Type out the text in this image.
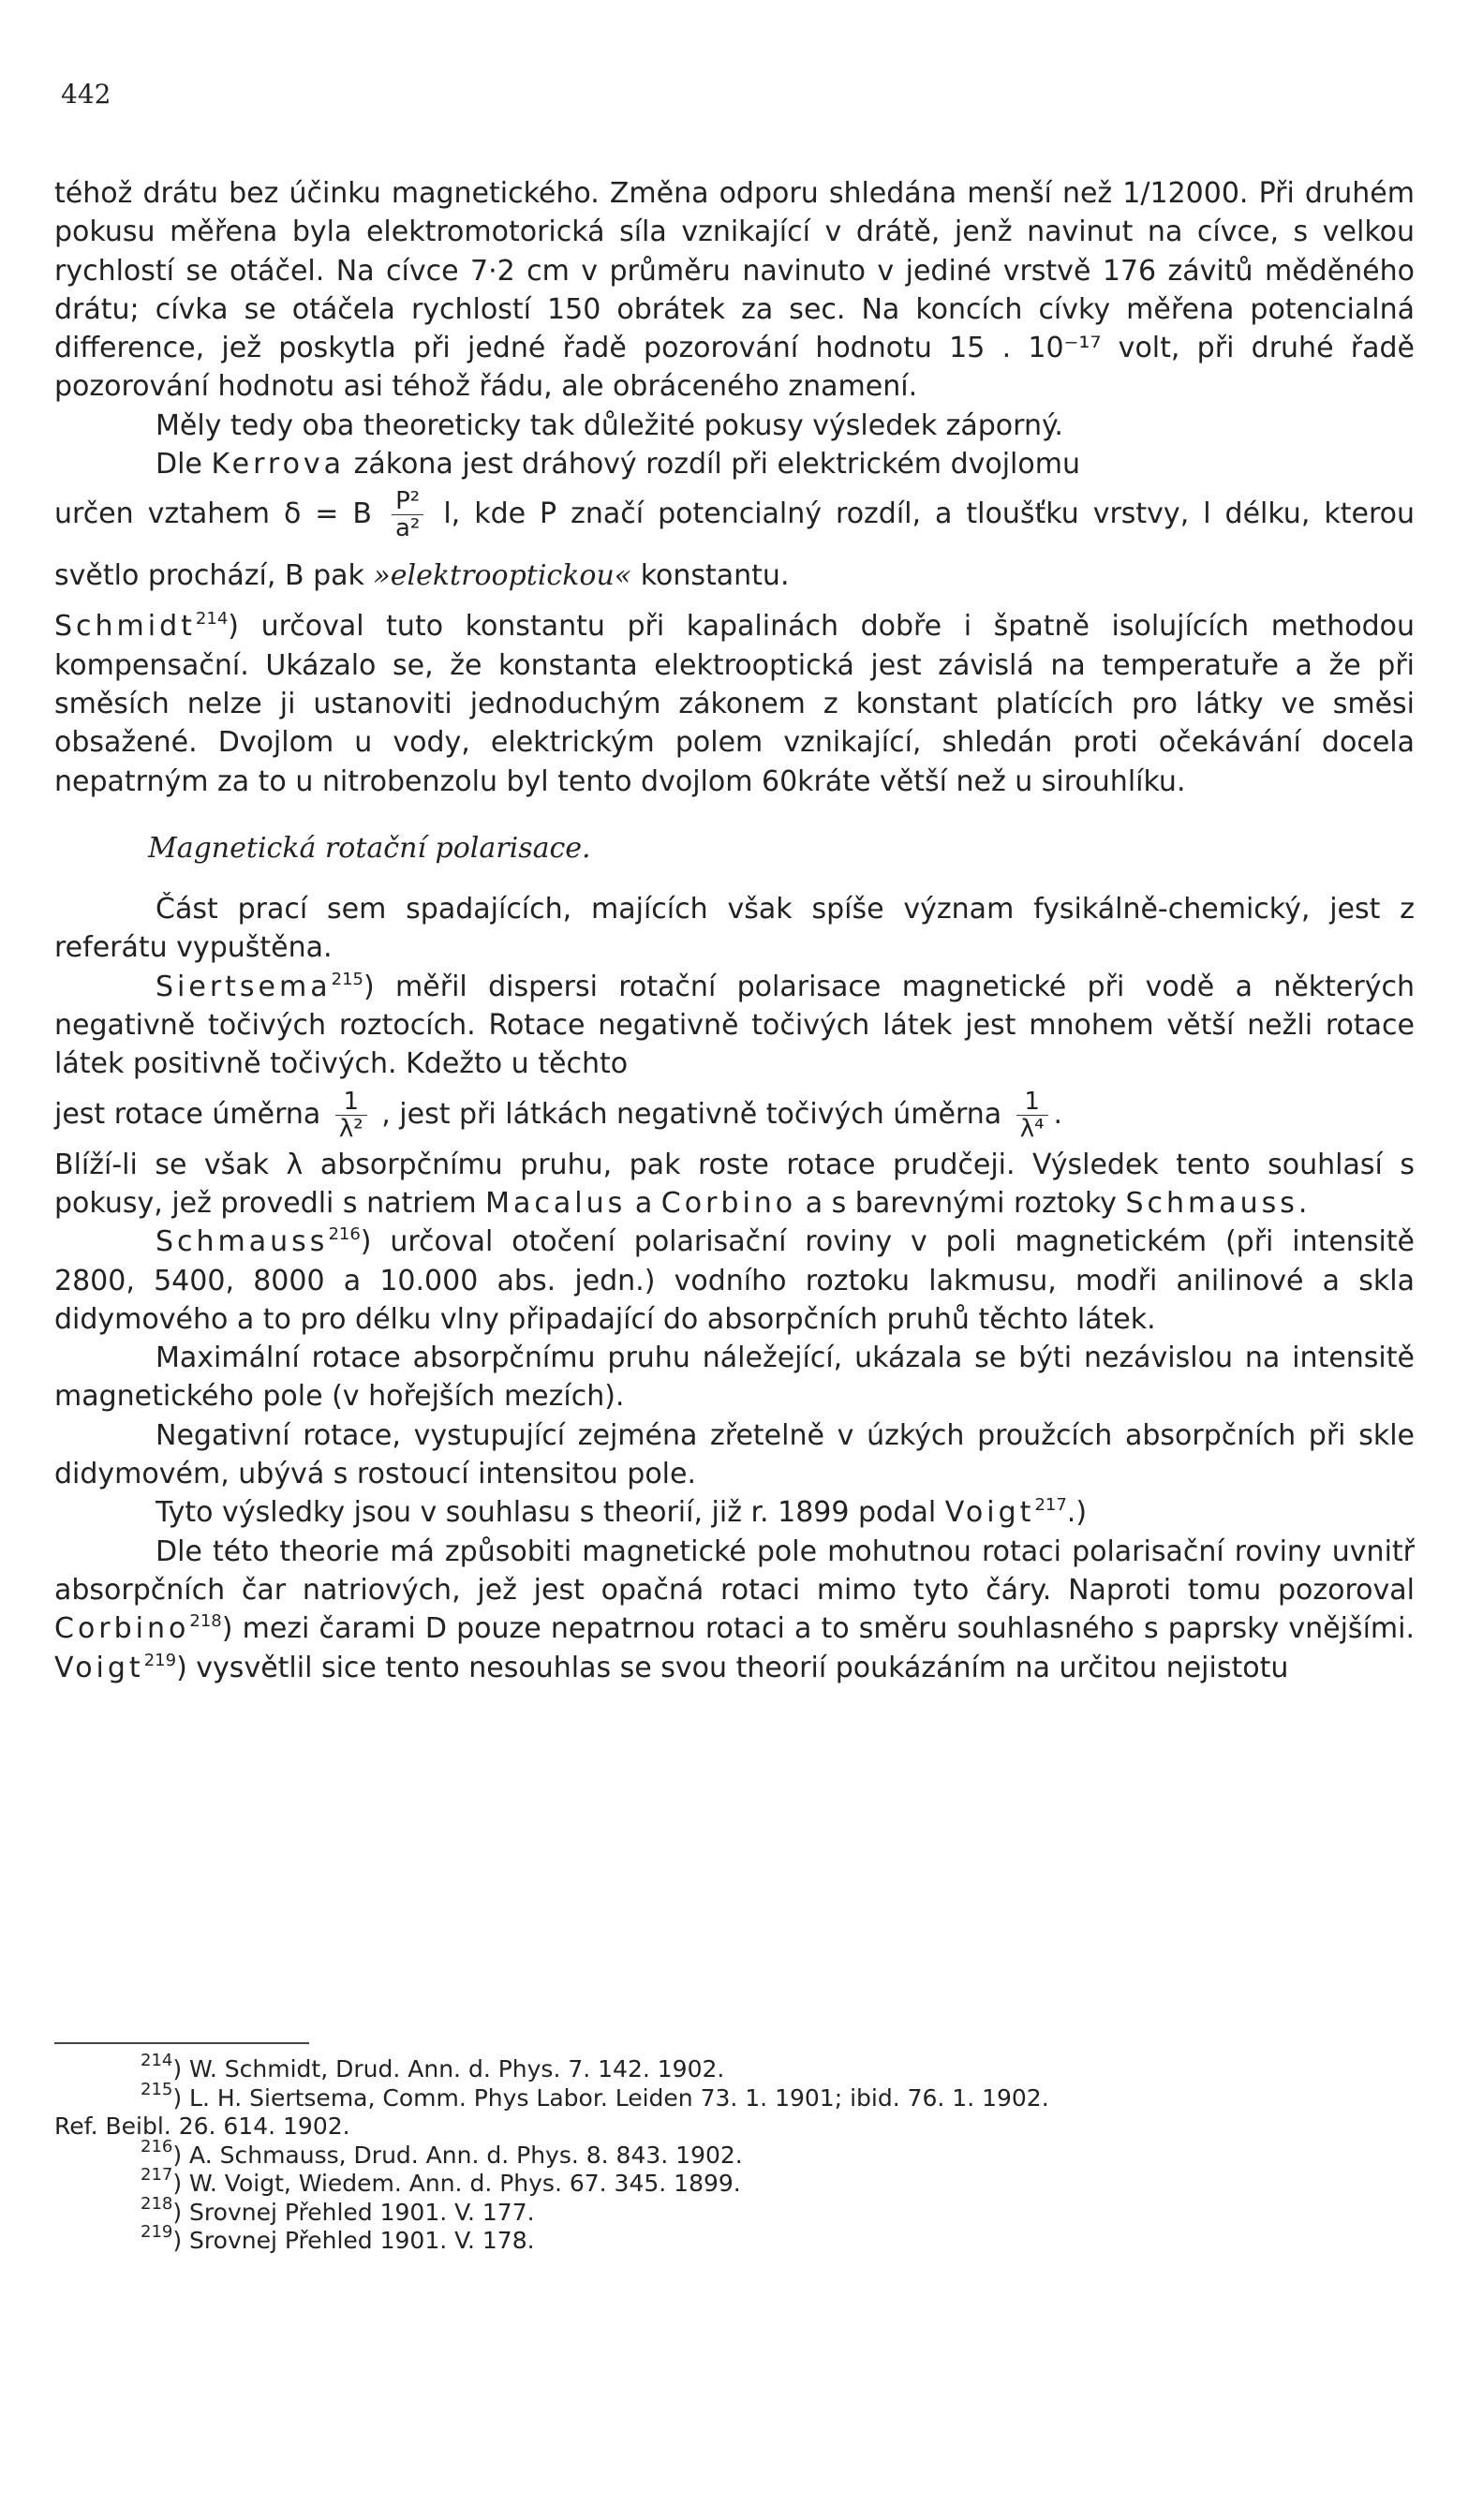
442

téhož drátu bez účinku magnetického. Změna odporu shledána menší než 1/12000. Při druhém pokusu měřena byla elektromotorická síla vznikající v drátě, jenž navinut na cívce, s velkou rychlostí se otáčel. Na cívce 7·2 cm v průměru navinuto v jediné vrstvě 176 závitů měděného drátu; cívka se otáčela rychlostí 150 obrátek za sec. Na koncích cívky měřena potencialná difference, jež poskytla při jedné řadě pozorování hodnotu 15 . 10⁻¹⁷ volt, při druhé řadě pozorování hodnotu asi téhož řádu, ale obráceného znamení.

Měly tedy oba theoreticky tak důležité pokusy výsledek záporný.

Dle Kerrova zákona jest dráhový rozdíl při elektrickém dvojlomu

určen vztahem δ = B $\frac{\text{P²}}{\text{a²}} l$, kde P značí potencialný rozdíl, a tloušťku vrstvy, l délku, kterou světlo prochází, B pak »elektrooptickou« konstantu.

Schmidt$^{214}$) určoval tuto konstantu při kapalinách dobře i špatně isolujících methodou kompensační. Ukázalo se, že konstanta elektrooptická jest závislá na temperatuře a že při směsích nelze ji ustanoviti jednoduchým zákonem z konstant platících pro látky ve směsi obsažené. Dvojlom u vody, elektrickým polem vznikající, shledán proti očekávání docela nepatrným za to u nitrobenzolu byl tento dvojlom 60kráte větší než u sirouhlíku.

Magnetická rotační polarisace.

Část prací sem spadajících, majících však spíše význam fysikálně-chemický, jest z referátu vypuštěna.

Siertsema$^{215}$) měřil dispersi rotační polarisace magnetické při vodě a některých negativně točivých roztocích. Rotace negativně točivých látek jest mnohem větší nežli rotace látek positivně točivých. Kdežto u těchto

jest rotace úměrna $\frac{1}{\text{λ²}}$ , jest při látkách negativně točivých úměrna $\frac{1}{\text{λ⁴}}$ .

Blíží-li se však λ absorpčnímu pruhu, pak roste rotace prudčeji. Výsledek tento souhlasí s pokusy, jež provedli s natriem Macalus a Corbino a s barevnými roztoky Schmauss.

Schmauss$^{216}$) určoval otočení polarisační roviny v poli magnetickém (při intensitě 2800, 5400, 8000 a 10.000 abs. jedn.) vodního roztoku lakmusu, modři anilinové a skla didymového a to pro délku vlny připadající do absorpčních pruhů těchto látek.

Maximální rotace absorpčnímu pruhu náležející, ukázala se býti nezávislou na intensitě magnetického pole (v hořejších mezích).

Negativní rotace, vystupující zejména zřetelně v úzkých proužcích absorpčních při skle didymovém, ubývá s rostoucí intensitou pole.

Tyto výsledky jsou v souhlasu s theorií, již r. 1899 podal Voigt$^{217}$.)

Dle této theorie má způsobiti magnetické pole mohutnou rotaci polarisační roviny uvnitř absorpčních čar natriových, jež jest opačná rotaci mimo tyto čáry. Naproti tomu pozoroval Corbino$^{218}$) mezi čarami D pouze nepatrnou rotaci a to směru souhlasného s paprsky vnějšími. Voigt$^{219}$) vysvětlil sice tento nesouhlas se svou theorií poukázáním na určitou nejistotu

$^{214}$) W. Schmidt, Drud. Ann. d. Phys. 7. 142. 1902.

$^{215}$) L. H. Siertsema, Comm. Phys Labor. Leiden 73. 1. 1901; ibid. 76. 1. 1902.

Ref. Beibl. 26. 614. 1902.

$^{216}$) A. Schmauss, Drud. Ann. d. Phys. 8. 843. 1902.

$^{217}$) W. Voigt, Wiedem. Ann. d. Phys. 67. 345. 1899.

$^{218}$) Srovnej Přehled 1901. V. 177.

$^{219}$) Srovnej Přehled 1901. V. 178.
